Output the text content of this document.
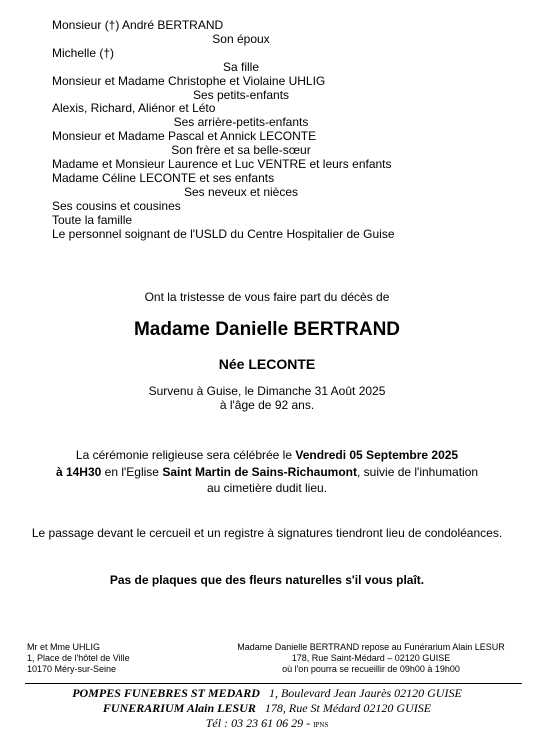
Monsieur (†) André BERTRAND
Son époux
Michelle (†)
Sa fille
Monsieur et Madame Christophe et Violaine UHLIG
Ses petits-enfants
Alexis, Richard, Aliénor et Léto
Ses arrière-petits-enfants
Monsieur et Madame Pascal et Annick LECONTE
Son frère et sa belle-sœur
Madame et Monsieur Laurence et Luc VENTRE et leurs enfants
Madame Céline LECONTE et ses enfants
Ses neveux et nièces
Ses cousins et cousines
Toute la famille
Le personnel soignant de l'USLD du Centre Hospitalier de Guise
Ont la tristesse de vous faire part du décès de
Madame Danielle BERTRAND
Née LECONTE
Survenu à Guise, le Dimanche 31 Août 2025
à l'âge de 92 ans.
La cérémonie religieuse sera célébrée le Vendredi 05 Septembre 2025
à 14H30 en l'Eglise Saint Martin de Sains-Richaumont, suivie de l'inhumation
au cimetière dudit lieu.
Le passage devant le cercueil et un registre à signatures tiendront lieu de condoléances.
Pas de plaques que des fleurs naturelles s'il vous plaît.
Mr et Mme UHLIG
1, Place de l'hôtel de Ville
10170 Méry-sur-Seine
Madame Danielle BERTRAND repose au Funérarium Alain LESUR
178, Rue Saint-Médard – 02120 GUISE
où l'on pourra se recueillir de 09h00 à 19h00
POMPES FUNEBRES ST MEDARD 1, Boulevard Jean Jaurès 02120 GUISE
FUNERARIUM Alain LESUR 178, Rue St Médard 02120 GUISE
Tél : 03 23 61 06 29 - IPNS
